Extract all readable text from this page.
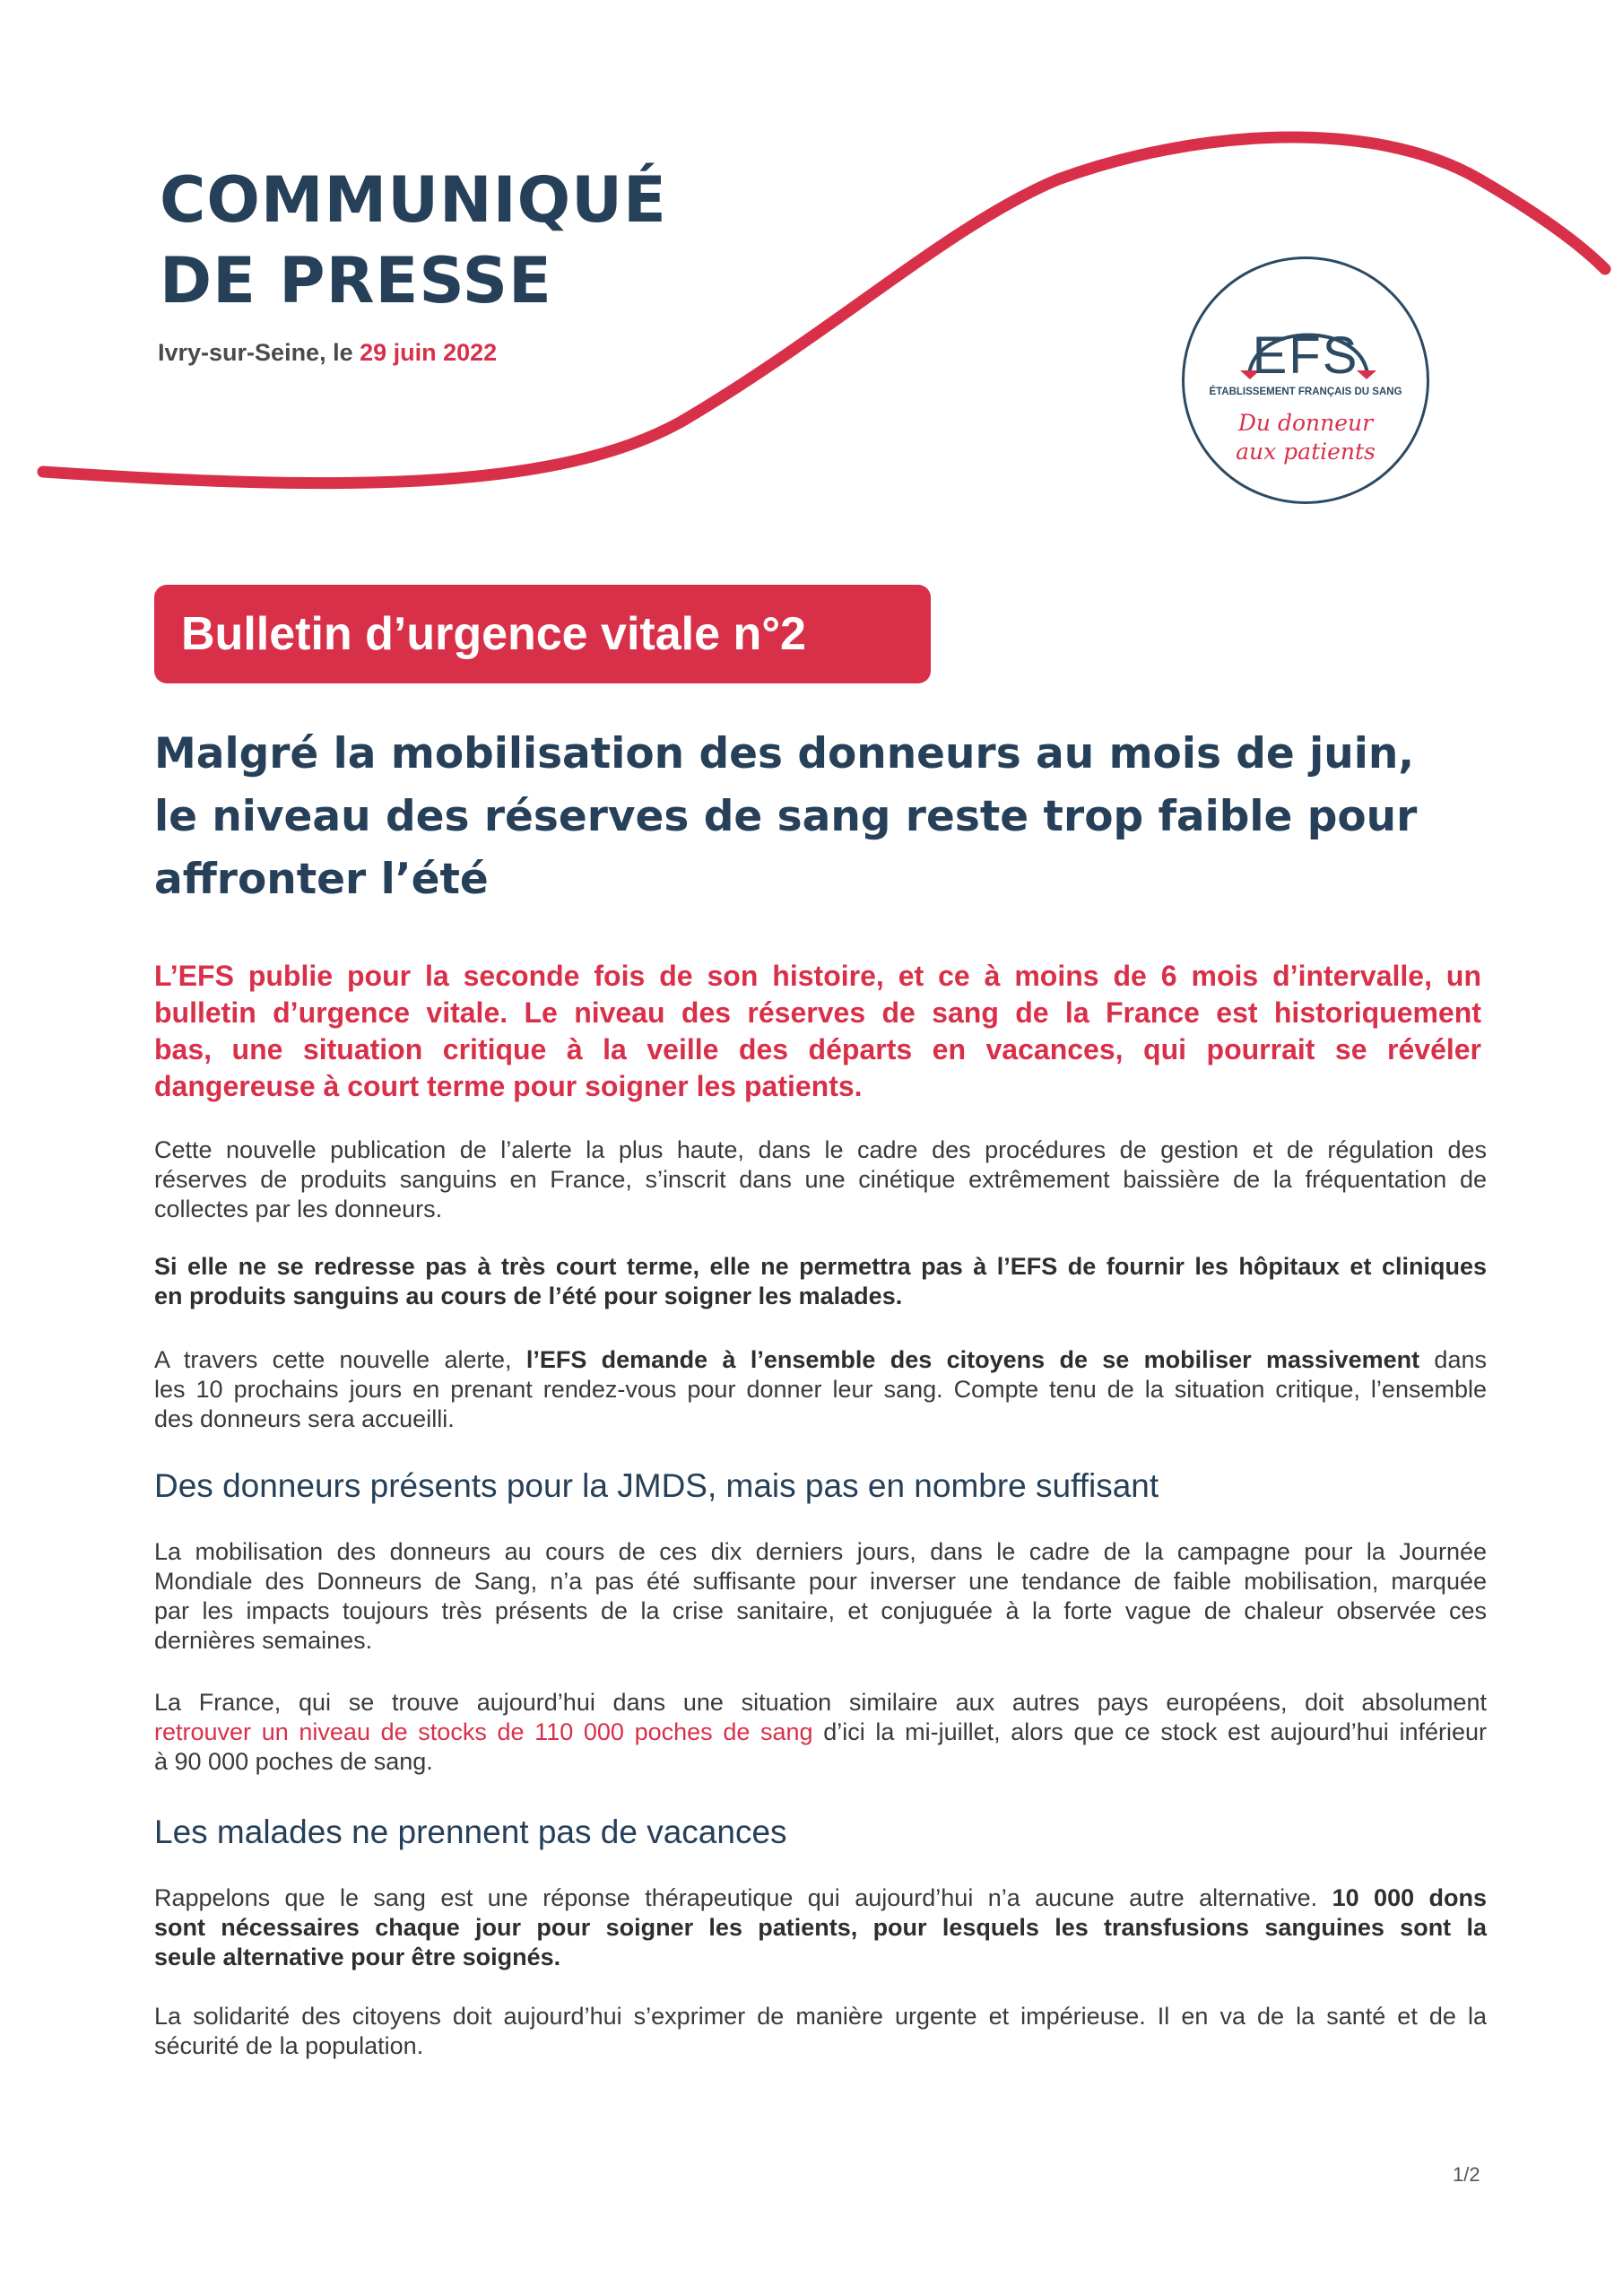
COMMUNIQUÉ
DE PRESSE
Ivry-sur-Seine, le 29 juin 2022	EFS
ÉTABLISSEMENT FRANÇAIS DU SANG
Du donneur
aux patients
Bulletin d’urgence vitale n°2
Malgré la mobilisation des donneurs au mois de juin,
le niveau des réserves de sang reste trop faible pour
affronter l’été
L’EFS publie pour la seconde fois de son histoire, et ce à moins de 6 mois d’intervalle, un
bulletin d’urgence vitale. Le niveau des réserves de sang de la France est historiquement
bas, une situation critique à la veille des départs en vacances, qui pourrait se révéler
dangereuse à court terme pour soigner les patients.
Cette nouvelle publication de l’alerte la plus haute, dans le cadre des procédures de gestion et de régulation des
réserves de produits sanguins en France, s’inscrit dans une cinétique extrêmement baissière de la fréquentation de
collectes par les donneurs.
Si elle ne se redresse pas à très court terme, elle ne permettra pas à l’EFS de fournir les hôpitaux et cliniques
en produits sanguins au cours de l’été pour soigner les malades.
A travers cette nouvelle alerte, l’EFS demande à l’ensemble des citoyens de se mobiliser massivement dans
les 10 prochains jours en prenant rendez-vous pour donner leur sang. Compte tenu de la situation critique, l’ensemble
des donneurs sera accueilli.
Des donneurs présents pour la JMDS, mais pas en nombre suffisant
La mobilisation des donneurs au cours de ces dix derniers jours, dans le cadre de la campagne pour la Journée
Mondiale des Donneurs de Sang, n’a pas été suffisante pour inverser une tendance de faible mobilisation, marquée
par les impacts toujours très présents de la crise sanitaire, et conjuguée à la forte vague de chaleur observée ces
dernières semaines.
La France, qui se trouve aujourd’hui dans une situation similaire aux autres pays européens, doit absolument
retrouver un niveau de stocks de 110 000 poches de sang d’ici la mi-juillet, alors que ce stock est aujourd’hui inférieur
à 90 000 poches de sang.
Les malades ne prennent pas de vacances
Rappelons que le sang est une réponse thérapeutique qui aujourd’hui n’a aucune autre alternative. 10 000 dons
sont nécessaires chaque jour pour soigner les patients, pour lesquels les transfusions sanguines sont la
seule alternative pour être soignés.
La solidarité des citoyens doit aujourd’hui s’exprimer de manière urgente et impérieuse. Il en va de la santé et de la
sécurité de la population.
1/2
